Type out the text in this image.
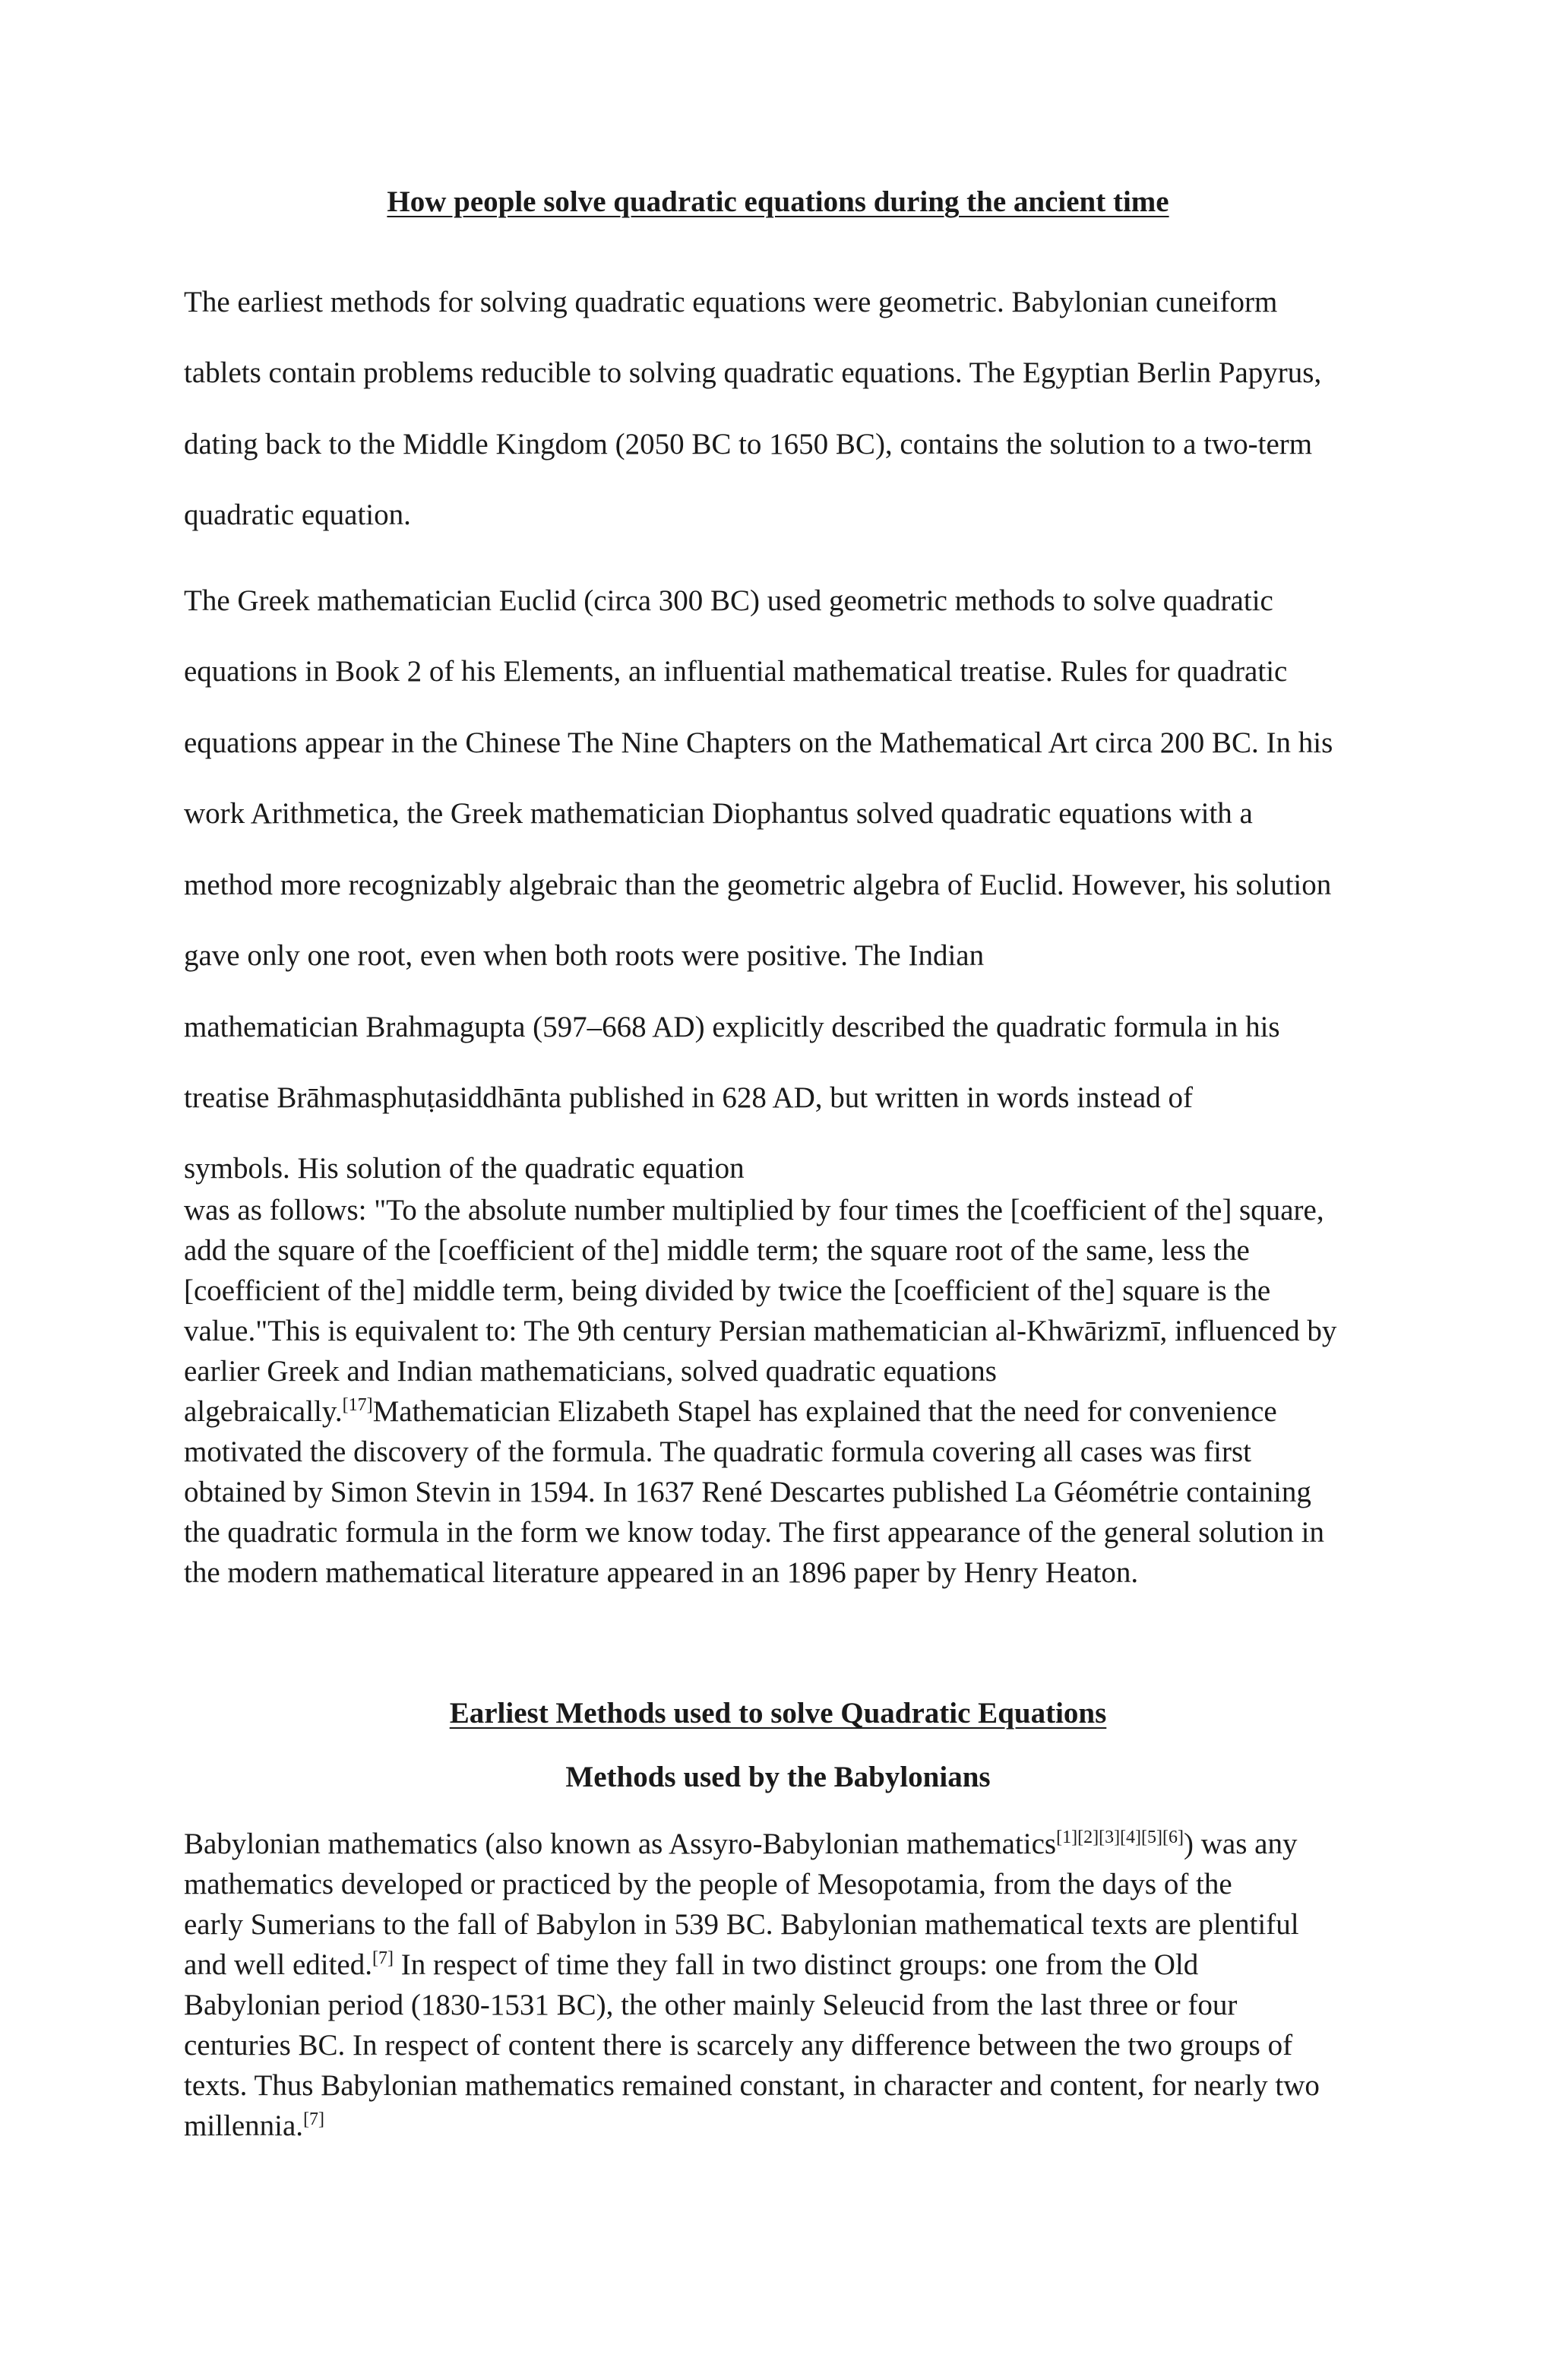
How people solve quadratic equations during the ancient time

The earliest methods for solving quadratic equations were geometric. Babylonian cuneiform

tablets contain problems reducible to solving quadratic equations. The Egyptian Berlin Papyrus,

dating back to the Middle Kingdom (2050 BC to 1650 BC), contains the solution to a two-term

quadratic equation.

The Greek mathematician Euclid (circa 300 BC) used geometric methods to solve quadratic

equations in Book 2 of his Elements, an influential mathematical treatise. Rules for quadratic

equations appear in the Chinese The Nine Chapters on the Mathematical Art circa 200 BC. In his

work Arithmetica, the Greek mathematician Diophantus solved quadratic equations with a

method more recognizably algebraic than the geometric algebra of Euclid. However, his solution

gave only one root, even when both roots were positive. The Indian

mathematician Brahmagupta (597–668 AD) explicitly described the quadratic formula in his

treatise Brāhmasphuṭasiddhānta published in 628 AD, but written in words instead of

symbols. His solution of the quadratic equation

was as follows: "To the absolute number multiplied by four times the [coefficient of the] square,

add the square of the [coefficient of the] middle term; the square root of the same, less the

[coefficient of the] middle term, being divided by twice the [coefficient of the] square is the

value."This is equivalent to: The 9th century Persian mathematician al-Khwārizmī, influenced by

earlier Greek and Indian mathematicians, solved quadratic equations

algebraically.[17]Mathematician Elizabeth Stapel has explained that the need for convenience

motivated the discovery of the formula. The quadratic formula covering all cases was first

obtained by Simon Stevin in 1594. In 1637 René Descartes published La Géométrie containing

the quadratic formula in the form we know today. The first appearance of the general solution in

the modern mathematical literature appeared in an 1896 paper by Henry Heaton.

Earliest Methods used to solve Quadratic Equations
Methods used by the Babylonians

Babylonian mathematics (also known as Assyro-Babylonian mathematics[1][2][3][4][5][6]) was any

mathematics developed or practiced by the people of Mesopotamia, from the days of the

early Sumerians to the fall of Babylon in 539 BC. Babylonian mathematical texts are plentiful

and well edited.[7] In respect of time they fall in two distinct groups: one from the Old

Babylonian period (1830-1531 BC), the other mainly Seleucid from the last three or four

centuries BC. In respect of content there is scarcely any difference between the two groups of

texts. Thus Babylonian mathematics remained constant, in character and content, for nearly two

millennia.[7]
